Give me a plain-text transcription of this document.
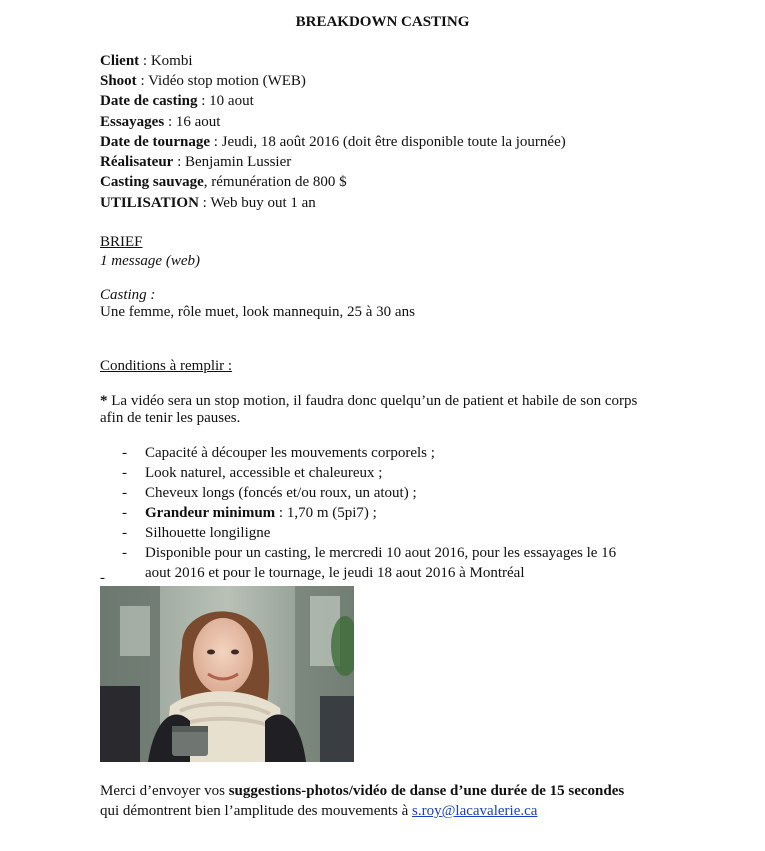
BREAKDOWN CASTING
Client : Kombi
Shoot : Vidéo stop motion (WEB)
Date de casting : 10 aout
Essayages : 16 aout
Date de tournage : Jeudi, 18 août 2016 (doit être disponible toute la journée)
Réalisateur : Benjamin Lussier
Casting sauvage, rémunération de 800 $
UTILISATION : Web buy out 1 an
BRIEF
1 message (web)
Casting :
Une femme, rôle muet, look mannequin, 25 à 30 ans
Conditions à remplir :
* La vidéo sera un stop motion, il faudra donc quelqu’un de patient et habile de son corps
afin de tenir les pauses.
- Capacité à découper les mouvements corporels ;
- Look naturel, accessible et chaleureux ;
- Cheveux longs (foncés et/ou roux, un atout) ;
- Grandeur minimum : 1,70 m (5pi7) ;
- Silhouette longiligne
- Disponible pour un casting, le mercredi 10 aout 2016, pour les essayages le 16
aout 2016 et pour le tournage, le jeudi 18 aout 2016 à Montréal
-
Merci d’envoyer vos suggestions-photos/vidéo de danse d’une durée de 15 secondes
qui démontrent bien l’amplitude des mouvements à s.roy@lacavalerie.ca
